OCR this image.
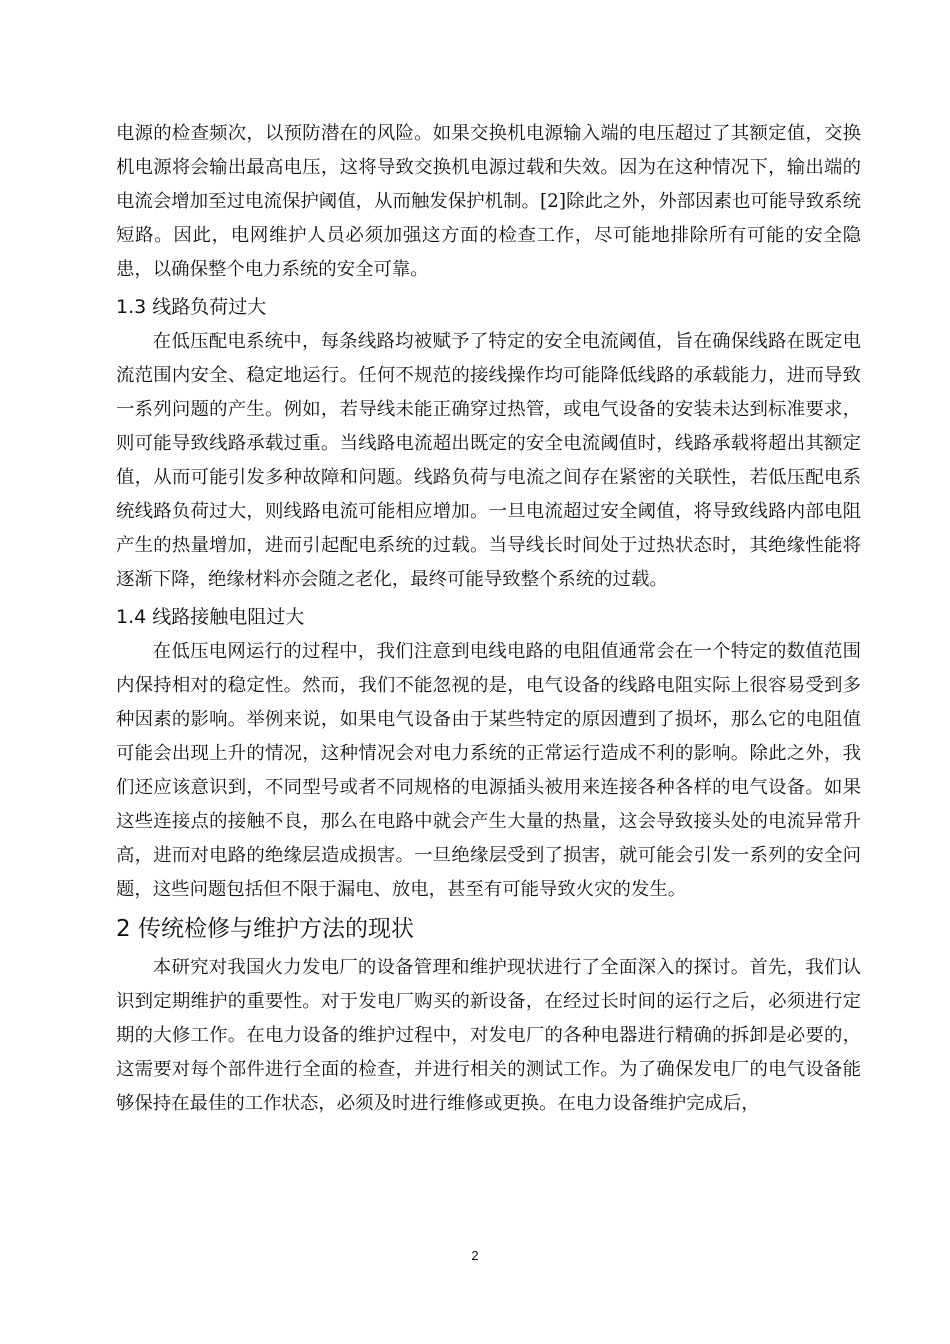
电源的检查频次，以预防潜在的风险。如果交换机电源输入端的电压超过了其额定值，交换机电源将会输出最高电压，这将导致交换机电源过载和失效。因为在这种情况下，输出端的电流会增加至过电流保护阈值，从而触发保护机制。[2]除此之外，外部因素也可能导致系统短路。因此，电网维护人员必须加强这方面的检查工作，尽可能地排除所有可能的安全隐患，以确保整个电力系统的安全可靠。

1.3 线路负荷过大

在低压配电系统中，每条线路均被赋予了特定的安全电流阈值，旨在确保线路在既定电流范围内安全、稳定地运行。任何不规范的接线操作均可能降低线路的承载能力，进而导致一系列问题的产生。例如，若导线未能正确穿过热管，或电气设备的安装未达到标准要求，则可能导致线路承载过重。当线路电流超出既定的安全电流阈值时，线路承载将超出其额定值，从而可能引发多种故障和问题。线路负荷与电流之间存在紧密的关联性，若低压配电系统线路负荷过大，则线路电流可能相应增加。一旦电流超过安全阈值，将导致线路内部电阻产生的热量增加，进而引起配电系统的过载。当导线长时间处于过热状态时，其绝缘性能将逐渐下降，绝缘材料亦会随之老化，最终可能导致整个系统的过载。

1.4 线路接触电阻过大

在低压电网运行的过程中，我们注意到电线电路的电阻值通常会在一个特定的数值范围内保持相对的稳定性。然而，我们不能忽视的是，电气设备的线路电阻实际上很容易受到多种因素的影响。举例来说，如果电气设备由于某些特定的原因遭到了损坏，那么它的电阻值可能会出现上升的情况，这种情况会对电力系统的正常运行造成不利的影响。除此之外，我们还应该意识到，不同型号或者不同规格的电源插头被用来连接各种各样的电气设备。如果这些连接点的接触不良，那么在电路中就会产生大量的热量，这会导致接头处的电流异常升高，进而对电路的绝缘层造成损害。一旦绝缘层受到了损害，就可能会引发一系列的安全问题，这些问题包括但不限于漏电、放电，甚至有可能导致火灾的发生。

2 传统检修与维护方法的现状

本研究对我国火力发电厂的设备管理和维护现状进行了全面深入的探讨。首先，我们认识到定期维护的重要性。对于发电厂购买的新设备，在经过长时间的运行之后，必须进行定期的大修工作。在电力设备的维护过程中，对发电厂的各种电器进行精确的拆卸是必要的，这需要对每个部件进行全面的检查，并进行相关的测试工作。为了确保发电厂的电气设备能够保持在最佳的工作状态，必须及时进行维修或更换。在电力设备维护完成后，

2
